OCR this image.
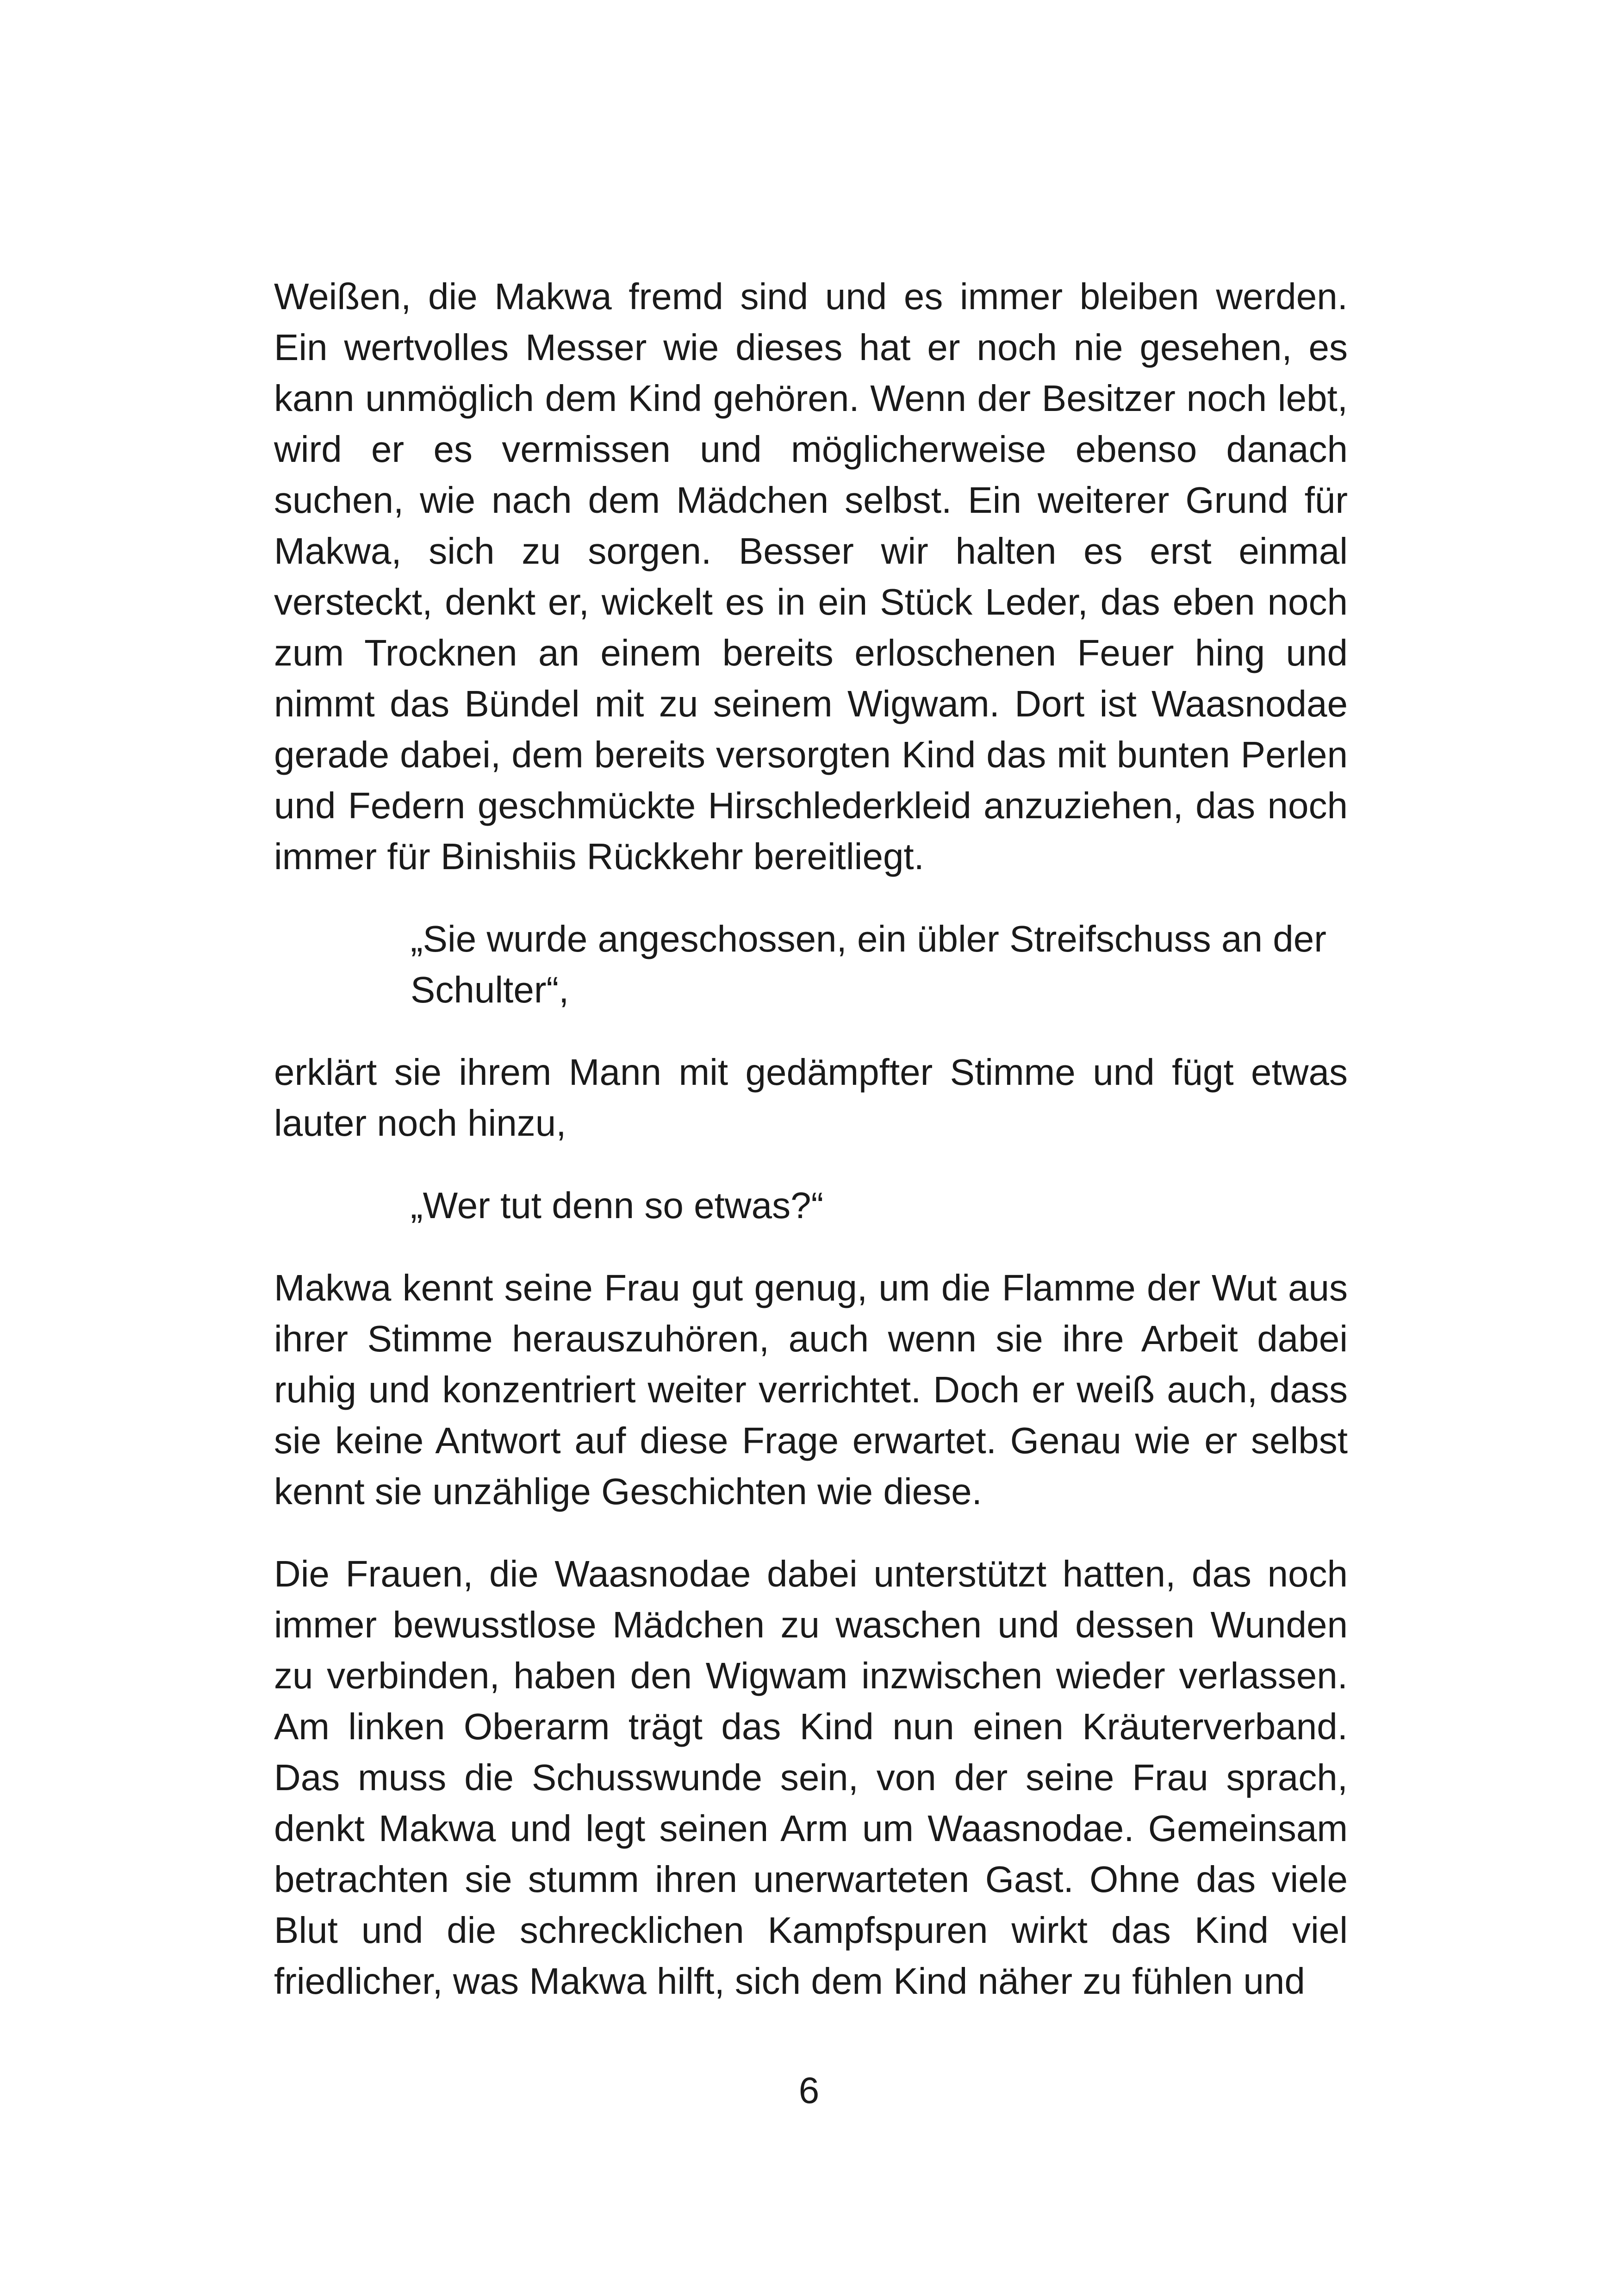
Weißen, die Makwa fremd sind und es immer bleiben werden. Ein wertvolles Messer wie dieses hat er noch nie gesehen, es kann unmöglich dem Kind gehören. Wenn der Besitzer noch lebt, wird er es vermissen und möglicherweise ebenso danach suchen, wie nach dem Mädchen selbst. Ein weiterer Grund für Makwa, sich zu sorgen. Besser wir halten es erst einmal versteckt, denkt er, wickelt es in ein Stück Leder, das eben noch zum Trocknen an einem bereits erloschenen Feuer hing und nimmt das Bündel mit zu seinem Wigwam. Dort ist Waasnodae gerade dabei, dem bereits versorgten Kind das mit bunten Perlen und Federn geschmückte Hirschlederkleid anzuziehen, das noch immer für Binishiis Rückkehr bereitliegt.

„Sie wurde angeschossen, ein übler Streifschuss an der Schulter“,

erklärt sie ihrem Mann mit gedämpfter Stimme und fügt etwas lauter noch hinzu,

„Wer tut denn so etwas?“

Makwa kennt seine Frau gut genug, um die Flamme der Wut aus ihrer Stimme herauszuhören, auch wenn sie ihre Arbeit dabei ruhig und konzentriert weiter verrichtet. Doch er weiß auch, dass sie keine Antwort auf diese Frage erwartet. Genau wie er selbst kennt sie unzählige Geschichten wie diese.

Die Frauen, die Waasnodae dabei unterstützt hatten, das noch immer bewusstlose Mädchen zu waschen und dessen Wunden zu verbinden, haben den Wigwam inzwischen wieder verlassen. Am linken Oberarm trägt das Kind nun einen Kräuterverband. Das muss die Schusswunde sein, von der seine Frau sprach, denkt Makwa und legt seinen Arm um Waasnodae. Gemeinsam betrachten sie stumm ihren unerwarteten Gast. Ohne das viele Blut und die schrecklichen Kampfspuren wirkt das Kind viel friedlicher, was Makwa hilft, sich dem Kind näher zu fühlen und

6
